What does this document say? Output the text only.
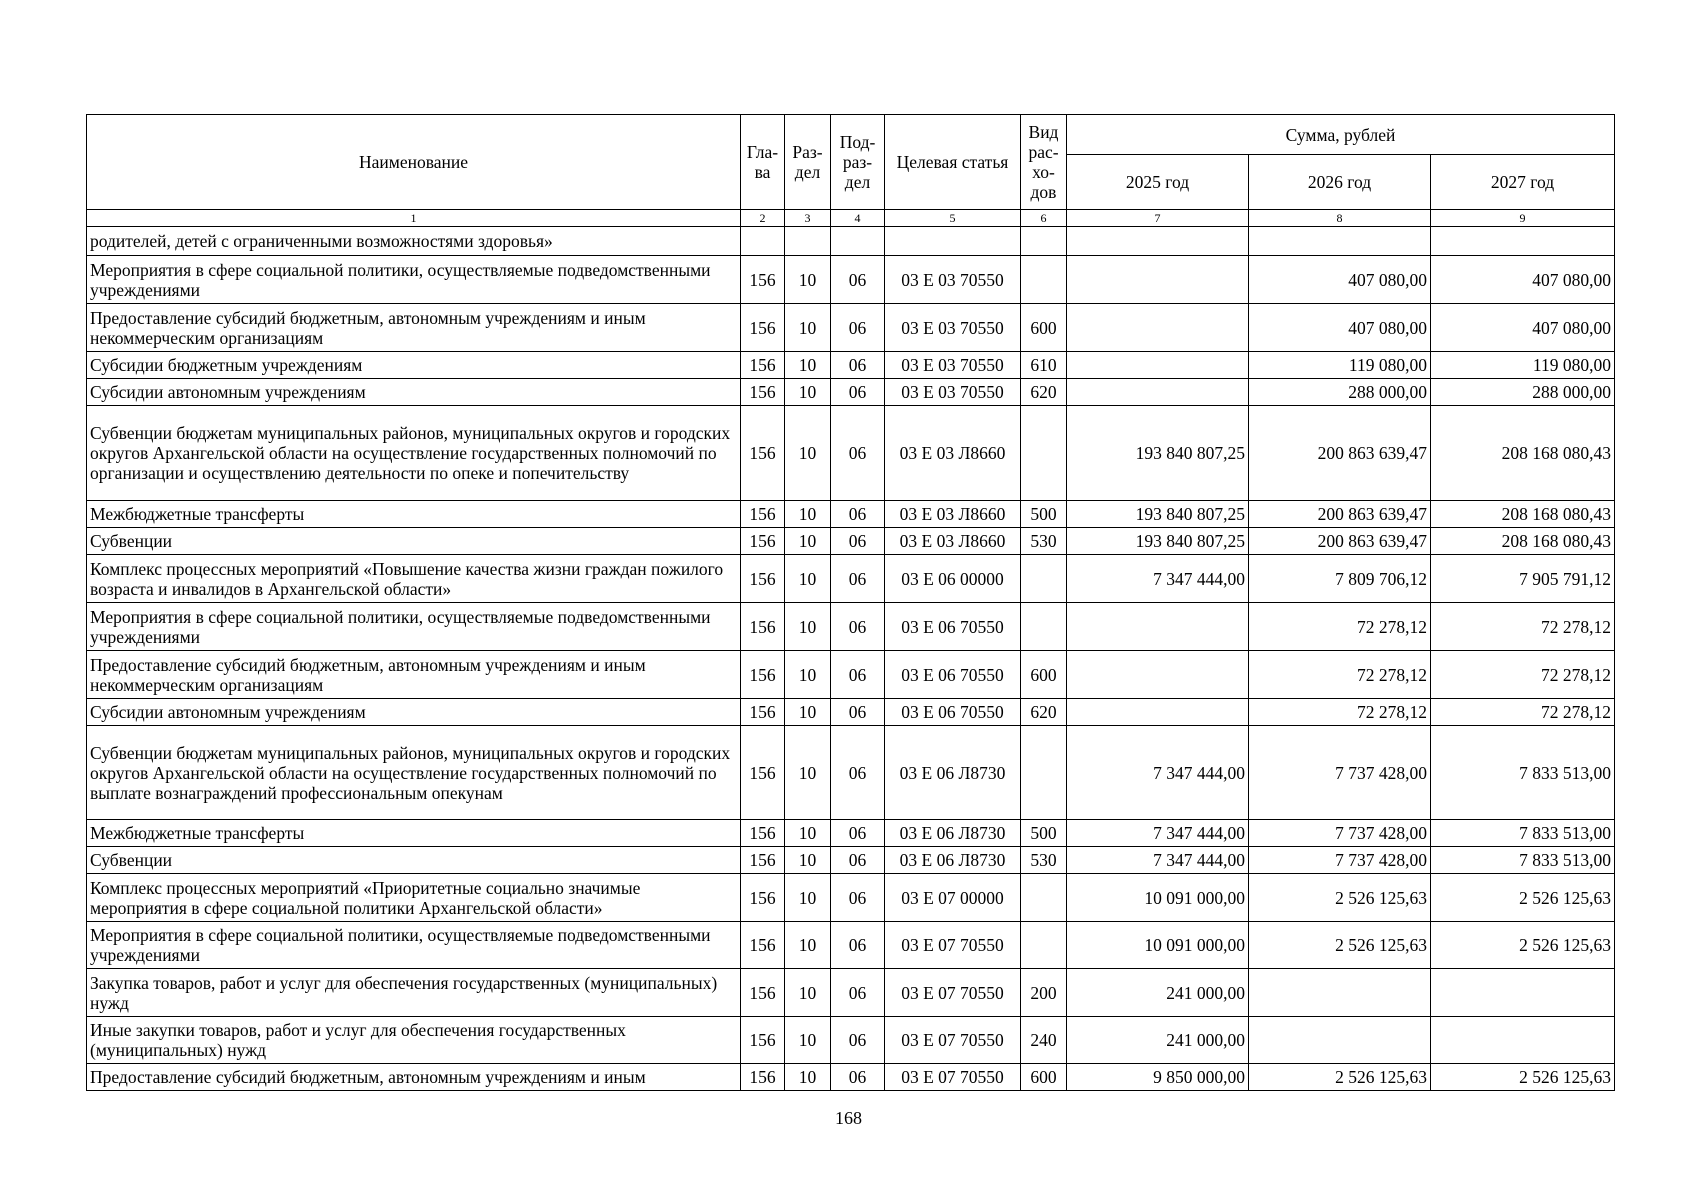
Наименование	Гла-ва	Раз-дел	Под-раз-дел	Целевая статья	Вид рас-хо-дов	Сумма, рублей		
						2025 год	2026 год	2027 год
1	2	3	4	5	6	7	8	9
родителей, детей с ограниченными возможностями здоровья»								
Мероприятия в сфере социальной политики, осуществляемые подведомственными учреждениями	156	10	06	03 Е 03 70550			407 080,00	407 080,00
Предоставление субсидий бюджетным, автономным учреждениям и иным некоммерческим организациям	156	10	06	03 Е 03 70550	600		407 080,00	407 080,00
Субсидии бюджетным учреждениям	156	10	06	03 Е 03 70550	610		119 080,00	119 080,00
Субсидии автономным учреждениям	156	10	06	03 Е 03 70550	620		288 000,00	288 000,00
Субвенции бюджетам муниципальных районов, муниципальных округов и городских округов Архангельской области на осуществление государственных полномочий по организации и осуществлению деятельности по опеке и попечительству	156	10	06	03 Е 03 Л8660		193 840 807,25	200 863 639,47	208 168 080,43
Межбюджетные трансферты	156	10	06	03 Е 03 Л8660	500	193 840 807,25	200 863 639,47	208 168 080,43
Субвенции	156	10	06	03 Е 03 Л8660	530	193 840 807,25	200 863 639,47	208 168 080,43
Комплекс процессных мероприятий «Повышение качества жизни граждан пожилого возраста и инвалидов в Архангельской области»	156	10	06	03 Е 06 00000		7 347 444,00	7 809 706,12	7 905 791,12
Мероприятия в сфере социальной политики, осуществляемые подведомственными учреждениями	156	10	06	03 Е 06 70550			72 278,12	72 278,12
Предоставление субсидий бюджетным, автономным учреждениям и иным некоммерческим организациям	156	10	06	03 Е 06 70550	600		72 278,12	72 278,12
Субсидии автономным учреждениям	156	10	06	03 Е 06 70550	620		72 278,12	72 278,12
Субвенции бюджетам муниципальных районов, муниципальных округов и городских округов Архангельской области на осуществление государственных полномочий по выплате вознаграждений профессиональным опекунам	156	10	06	03 Е 06 Л8730		7 347 444,00	7 737 428,00	7 833 513,00
Межбюджетные трансферты	156	10	06	03 Е 06 Л8730	500	7 347 444,00	7 737 428,00	7 833 513,00
Субвенции	156	10	06	03 Е 06 Л8730	530	7 347 444,00	7 737 428,00	7 833 513,00
Комплекс процессных мероприятий «Приоритетные социально значимые мероприятия в сфере социальной политики Архангельской области»	156	10	06	03 Е 07 00000		10 091 000,00	2 526 125,63	2 526 125,63
Мероприятия в сфере социальной политики, осуществляемые подведомственными учреждениями	156	10	06	03 Е 07 70550		10 091 000,00	2 526 125,63	2 526 125,63
Закупка товаров, работ и услуг для обеспечения государственных (муниципальных) нужд	156	10	06	03 Е 07 70550	200	241 000,00		
Иные закупки товаров, работ и услуг для обеспечения государственных (муниципальных) нужд	156	10	06	03 Е 07 70550	240	241 000,00		
Предоставление субсидий бюджетным, автономным учреждениям и иным	156	10	06	03 Е 07 70550	600	9 850 000,00	2 526 125,63	2 526 125,63
168
